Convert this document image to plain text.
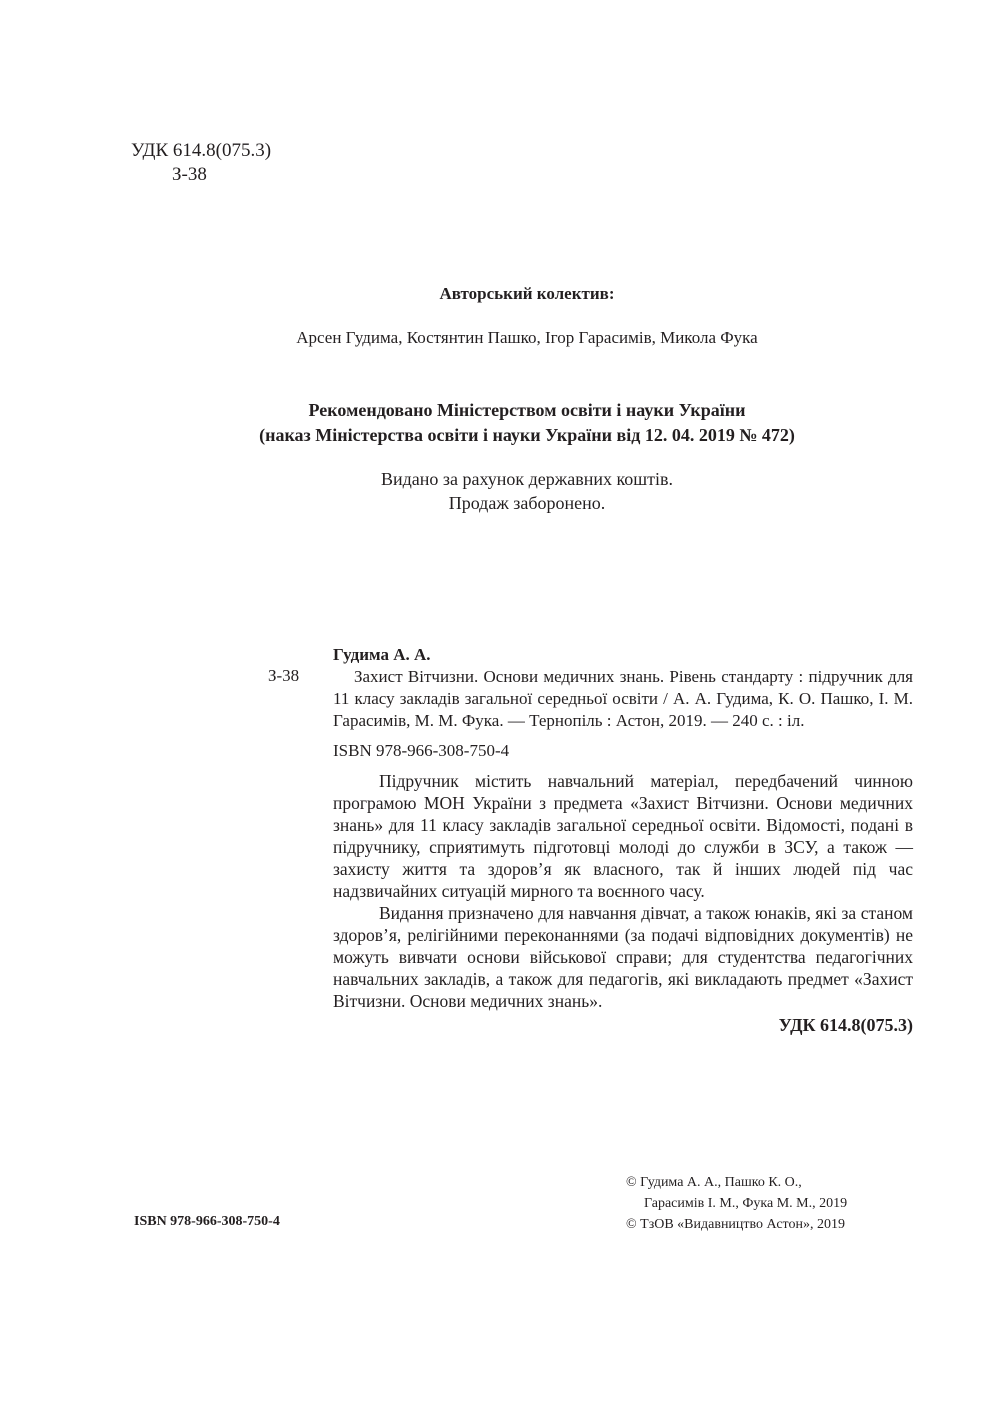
УДК 614.8(075.3)
З-38
Авторський колектив:
Арсен Гудима, Костянтин Пашко, Ігор Гарасимів, Микола Фука
Рекомендовано Міністерством освіти і науки України
(наказ Міністерства освіти і науки України від 12. 04. 2019 № 472)
Видано за рахунок державних коштів.
Продаж заборонено.
З-38
Гудима А. А.

Захист Вітчизни. Основи медичних знань. Рівень стандарту : підручник для 11 класу закладів загальної середньої освіти / А. А. Гудима, К. О. Пашко, І. М. Гарасимів, М. М. Фука. — Тернопіль : Астон, 2019. — 240 с. : іл.

ISBN 978-966-308-750-4

Підручник містить навчальний матеріал, передбачений чинною програмою МОН України з предмета «Захист Вітчизни. Основи медичних знань» для 11 класу закладів загальної середньої освіти. Відомості, подані в підручнику, сприятимуть підготовці молоді до служби в ЗСУ, а також — захисту життя та здоров’я як власного, так й інших людей під час надзвичайних ситуацій мирного та воєнного часу.

Видання призначено для навчання дівчат, а також юнаків, які за станом здоров’я, релігійними переконаннями (за подачі відповідних документів) не можуть вивчати основи військової справи; для студентства педагогічних навчальних закладів, а також для педагогів, які викладають предмет «Захист Вітчизни. Основи медичних знань».

УДК 614.8(075.3)
ISBN 978-966-308-750-4
© Гудима А. А., Пашко К. О.,
Гарасимів І. М., Фука М. М., 2019
© ТзОВ «Видавництво Астон», 2019
